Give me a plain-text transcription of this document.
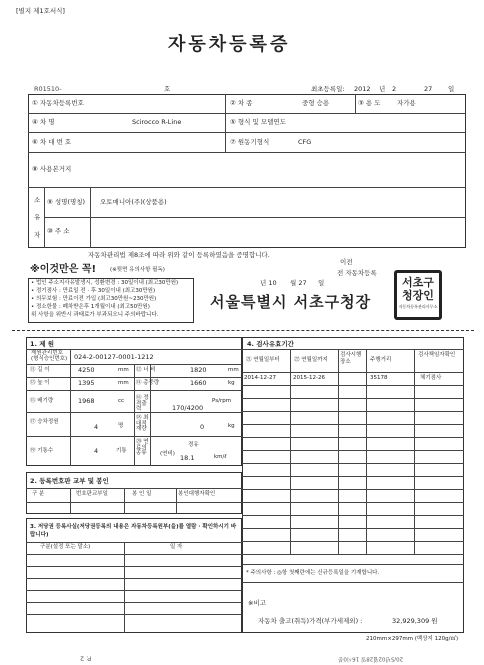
[별지 제1호서식]
자동차등록증
R01510-	호	최초등록일: 2012 년 2	27 일
① 자동차등록번호	② 차 종	중형 승용	③ 용 도	자가용
④ 차 명	Scirocco R-Line	⑤ 형식 및 모델연도
⑥ 차 대 번 호	⑦ 원동기형식	CFG
⑧ 사용본거지
소
유
자
⑨ 성명(명칭) 오토매니아(주)(상품용)
⑩ 주 소
자동차관리법 제8조에 따라 위와 같이 등록하였음을 증명합니다.
※이것만은 꼭!	(※뒷면 유의사항 필독)
• 법인 주소지사유발생시, 성환변경 : 30일이내 (최고30만원)
• 정기점사 : 만료일 전 · 후 30일이내 (최고30만원)
• 의무보험 : 만료이전 가입 (최고30만원~230만원)
• 정소한물 : 폐차받은후 1개월이내 (최고50만원)
위 사항을 위반시 과태료가 부과되오니 주의바랍니다.
이전
전 자동차등록
년 10 월 27 일
서울특별시 서초구청장
서초구
청장인
자동차등록관리사무소
1. 제 원
제원관리번호
(형식승인번호) 024-2-00127-0001-1212
⑪ 길 이	4250	mm ⑫ 너 비	1820	mm
⑬ 높 이	1395	mm ⑭ 총중량	1660	kg
⑮ 배기량	1968	cc ⑯ 정격출력	170/4200
Ps/rpm
⑰ 승차정원
4	명
⑱ 최대적재량	0	kg
⑲ 기통수	4	기통
⑳ 연료의 종류	(연비)
경유
18.1	km/ℓ
4. 검사유효기간
㉑ 연월일부터	㉒ 연월일까지
검사시행장소	주행거리
검사책임자확인
2014-12-27	2015-12-26	35178	체기점사
* 주의사항 : ◎항 첫째란에는 신규등록일을 기재합니다.
※비고
자동차 출고(취득)가격(부가세제외) :	32,929,309 원
2. 등록번호판 교부 및 봉인
구 분	번호판교부일	봉 인 일	봉인대행자확인
3. 저당권 등록사실(저당권등록의 내용은 자동차등록원부(을)를 열람 · 확인하시기 바랍니다)
구분(설정 또는 말소)	일 자
210mm×297mm (백상지 120g/㎡)
P. 2	20/5년02월28일 16시0분
